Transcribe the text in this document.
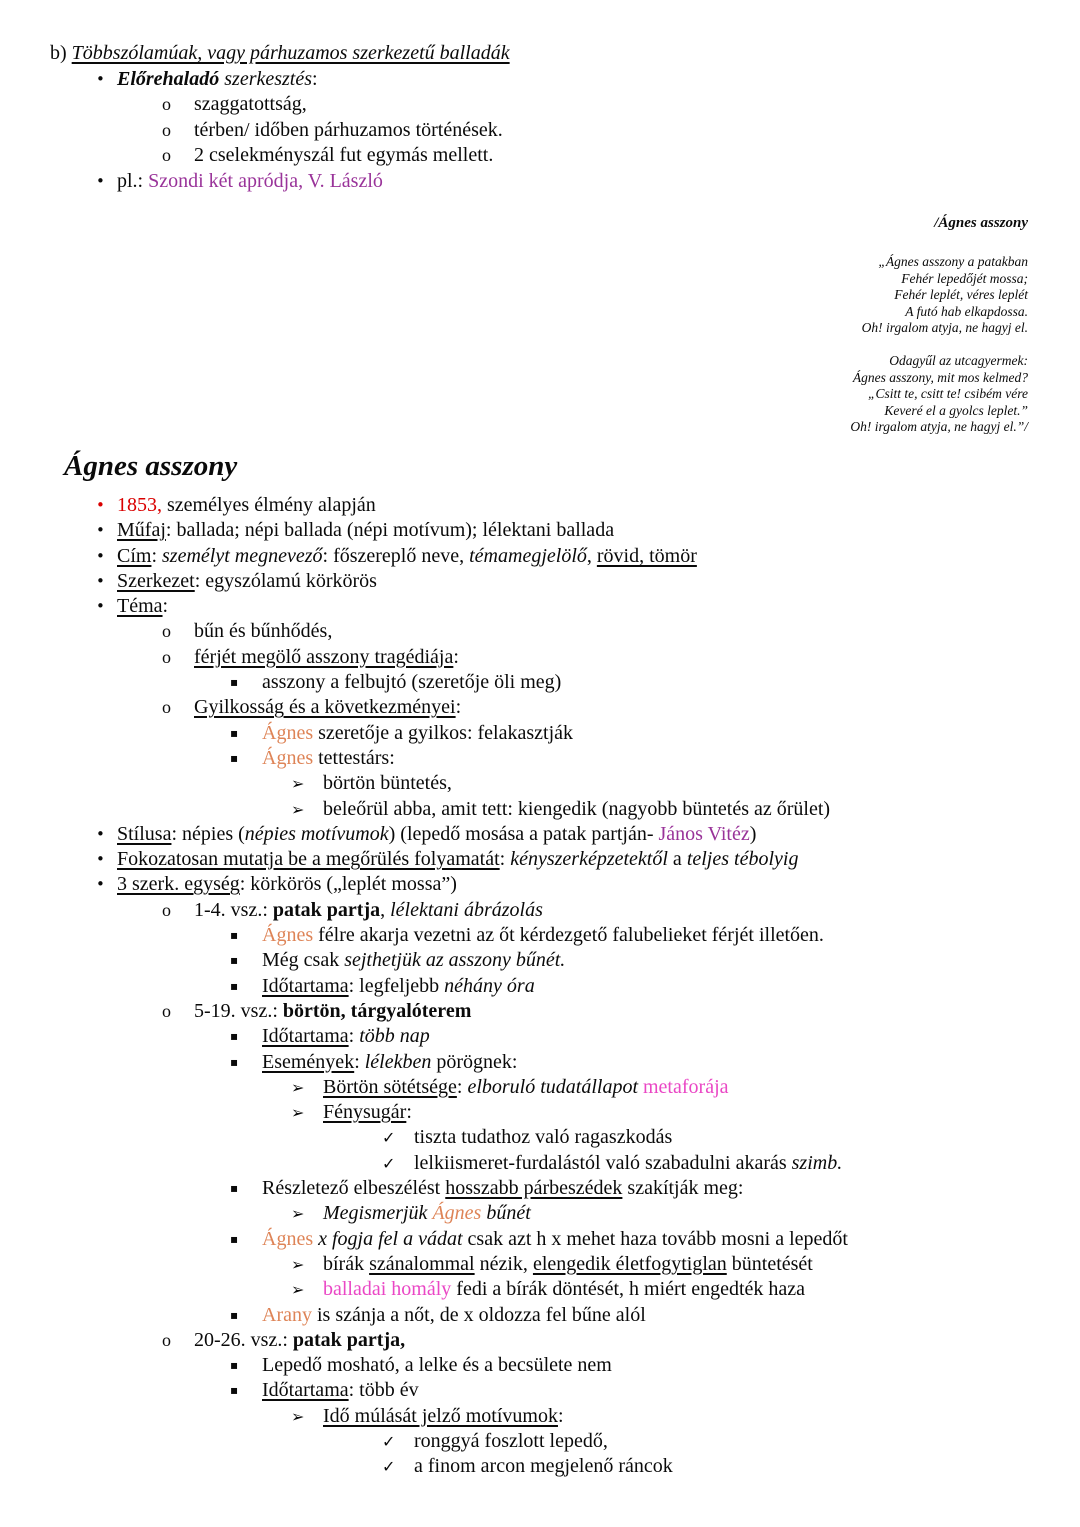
b) Többszólamúak, vagy párhuzamos szerkezetű balladák
• Előrehaladó szerkesztés:
o szaggatottság,
o térben/ időben párhuzamos történések.
o 2 cselekményszál fut egymás mellett.
• pl.: Szondi két apródja, V. László
/Ágnes asszony
„Ágnes asszony a patakban
Fehér lepedőjét mossa;
Fehér leplét, véres leplét
A futó hab elkapdossa.
Oh! irgalom atyja, ne hagyj el.
Odagyűl az utcagyermek:
Ágnes asszony, mit mos kelmed?
„Csitt te, csitt te! csibém vére
Keveré el a gyolcs leplet.”
Oh! irgalom atyja, ne hagyj el.”/
Ágnes asszony
• 1853, személyes élmény alapján
• Műfaj: ballada; népi ballada (népi motívum); lélektani ballada
• Cím: személyt megnevező: főszereplő neve, témamegjelölő, rövid, tömör
• Szerkezet: egyszólamú körkörös
• Téma:
o bűn és bűnhődés,
o férjét megölő asszony tragédiája:
▪ asszony a felbujtó (szeretője öli meg)
o Gyilkosság és a következményei:
▪ Ágnes szeretője a gyilkos: felakasztják
▪ Ágnes tettestárs:
➢ börtön büntetés,
➢ beleőrül abba, amit tett: kiengedik (nagyobb büntetés az őrület)
• Stílusa: népies (népies motívumok) (lepedő mosása a patak partján- János Vitéz)
• Fokozatosan mutatja be a megőrülés folyamatát: kényszerképzetektől a teljes tébolyig
• 3 szerk. egység: körkörös („leplét mossa”)
o 1-4. vsz.: patak partja, lélektani ábrázolás
▪ Ágnes félre akarja vezetni az őt kérdezgető falubelieket férjét illetően.
▪ Még csak sejthetjük az asszony bűnét.
▪ Időtartama: legfeljebb néhány óra
o 5-19. vsz.: börtön, tárgyalóterem
▪ Időtartama: több nap
▪ Események: lélekben pörögnek:
➢ Börtön sötétsége: elboruló tudatállapot metaforája
➢ Fénysugár:
✓ tiszta tudathoz való ragaszkodás
✓ lelkiismeret-furdalástól való szabadulni akarás szimb.
▪ Részletező elbeszélést hosszabb párbeszédek szakítják meg:
➢ Megismerjük Ágnes bűnét
▪ Ágnes x fogja fel a vádat csak azt h x mehet haza tovább mosni a lepedőt
➢ bírák szánalommal nézik, elengedik életfogytiglan büntetését
➢ balladai homály fedi a bírák döntését, h miért engedték haza
▪ Arany is szánja a nőt, de x oldozza fel bűne alól
o 20-26. vsz.: patak partja,
▪ Lepedő mosható, a lelke és a becsülete nem
▪ Időtartama: több év
➢ Idő múlását jelző motívumok:
✓ ronggyá foszlott lepedő,
✓ a finom arcon megjelenő ráncok
